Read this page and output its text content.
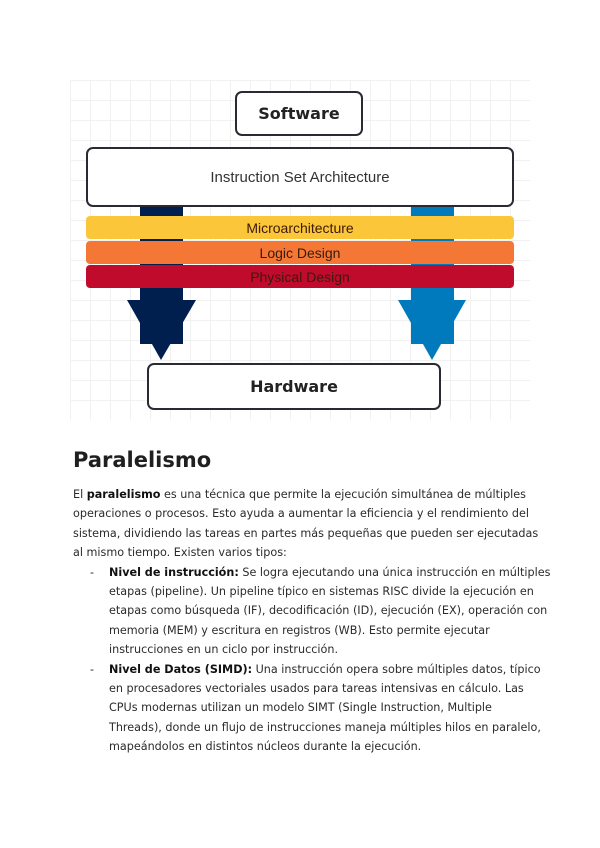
Software
Instruction Set Architecture
Microarchitecture
Logic Design
Physical Design
Hardware
Paralelismo
El paralelismo es una técnica que permite la ejecución simultánea de múltiples
operaciones o procesos. Esto ayuda a aumentar la eficiencia y el rendimiento del
sistema, dividiendo las tareas en partes más pequeñas que pueden ser ejecutadas
al mismo tiempo. Existen varios tipos:
- Nivel de instrucción: Se logra ejecutando una única instrucción en múltiples
etapas (pipeline). Un pipeline típico en sistemas RISC divide la ejecución en
etapas como búsqueda (IF), decodificación (ID), ejecución (EX), operación con
memoria (MEM) y escritura en registros (WB). Esto permite ejecutar
instrucciones en un ciclo por instrucción.
- Nivel de Datos (SIMD): Una instrucción opera sobre múltiples datos, típico
en procesadores vectoriales usados para tareas intensivas en cálculo. Las
CPUs modernas utilizan un modelo SIMT (Single Instruction, Multiple
Threads), donde un flujo de instrucciones maneja múltiples hilos en paralelo,
mapeándolos en distintos núcleos durante la ejecución.
